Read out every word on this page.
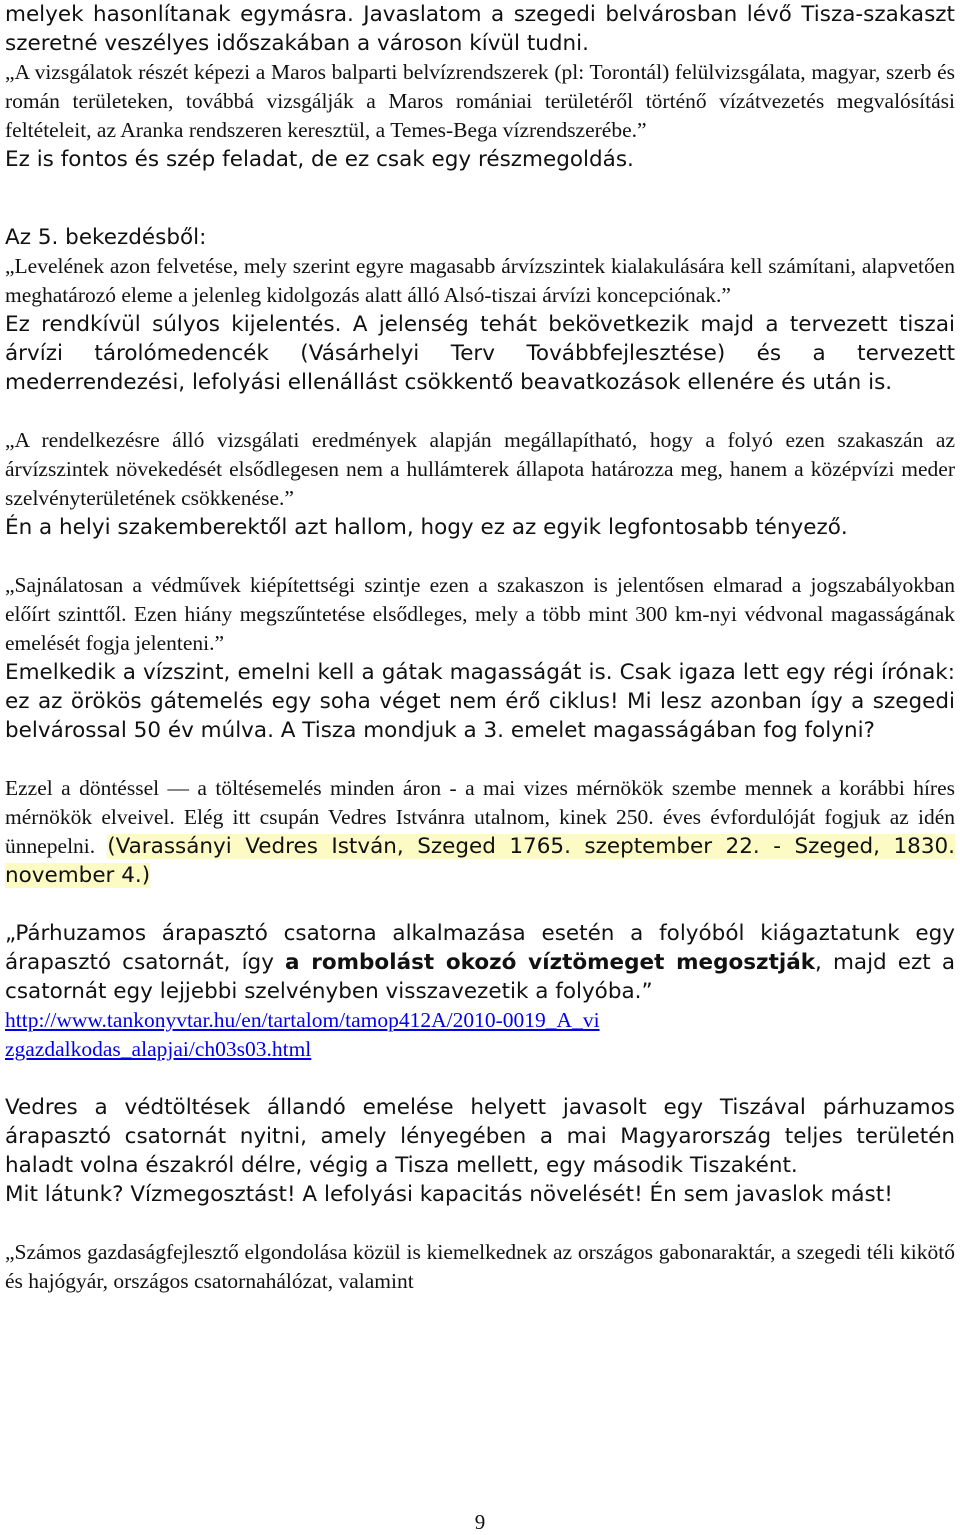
melyek hasonlítanak egymásra. Javaslatom a szegedi belvárosban lévő Tisza-szakaszt szeretné veszélyes időszakában a városon kívül tudni.

„A vizsgálatok részét képezi a Maros balparti belvízrendszerek (pl: Torontál) felülvizsgálata, magyar, szerb és román területeken, továbbá vizsgálják a Maros romániai területéről történő vízátvezetés megvalósítási feltételeit, az Aranka rendszeren keresztül, a Temes-Bega vízrendszerébe.”

Ez is fontos és szép feladat, de ez csak egy részmegoldás.

Az 5. bekezdésből:

„Levelének azon felvetése, mely szerint egyre magasabb árvízszintek kialakulására kell számítani, alapvetően meghatározó eleme a jelenleg kidolgozás alatt álló Alsó-tiszai árvízi koncepciónak.”

Ez rendkívül súlyos kijelentés. A jelenség tehát bekövetkezik majd a tervezett tiszai árvízi tárolómedencék (Vásárhelyi Terv Továbbfejlesztése) és a tervezett mederrendezési, lefolyási ellenállást csökkentő beavatkozások ellenére és után is.

„A rendelkezésre álló vizsgálati eredmények alapján megállapítható, hogy a folyó ezen szakaszán az árvízszintek növekedését elsődlegesen nem a hullámterek állapota határozza meg, hanem a középvízi meder szelvényterületének csökkenése.”

Én a helyi szakemberektől azt hallom, hogy ez az egyik legfontosabb tényező.

„Sajnálatosan a védművek kiépítettségi szintje ezen a szakaszon is jelentősen elmarad a jogszabályokban előírt szinttől. Ezen hiány megszűntetése elsődleges, mely a több mint 300 km-nyi védvonal magasságának emelését fogja jelenteni.”

Emelkedik a vízszint, emelni kell a gátak magasságát is. Csak igaza lett egy régi írónak: ez az örökös gátemelés egy soha véget nem érő ciklus! Mi lesz azonban így a szegedi belvárossal 50 év múlva. A Tisza mondjuk a 3. emelet magasságában fog folyni?

Ezzel a döntéssel — a töltésemelés minden áron - a mai vizes mérnökök szembe mennek a korábbi híres mérnökök elveivel. Elég itt csupán Vedres Istvánra utalnom, kinek 250. éves évfordulóját fogjuk az idén ünnepelni. (Varassányi Vedres István, Szeged 1765. szeptember 22. - Szeged, 1830. november 4.)

„Párhuzamos árapasztó csatorna alkalmazása esetén a folyóból kiágaztatunk egy árapasztó csatornát, így a rombolást okozó víztömeget megosztják, majd ezt a csatornát egy lejjebbi szelvényben visszavezetik a folyóba.”

http://www.tankonyvtar.hu/en/tartalom/tamop412A/2010-0019_A_vizgazdalkodas_alapjai/ch03s03.html

Vedres a védtöltések állandó emelése helyett javasolt egy Tiszával párhuzamos árapasztó csatornát nyitni, amely lényegében a mai Magyarország teljes területén haladt volna északról délre, végig a Tisza mellett, egy második Tiszaként.

Mit látunk? Vízmegosztást! A lefolyási kapacitás növelését! Én sem javaslok mást!

„Számos gazdaságfejlesztő elgondolása közül is kiemelkednek az országos gabonaraktár, a szegedi téli kikötő és hajógyár, országos csatornahálózat, valamint

9
